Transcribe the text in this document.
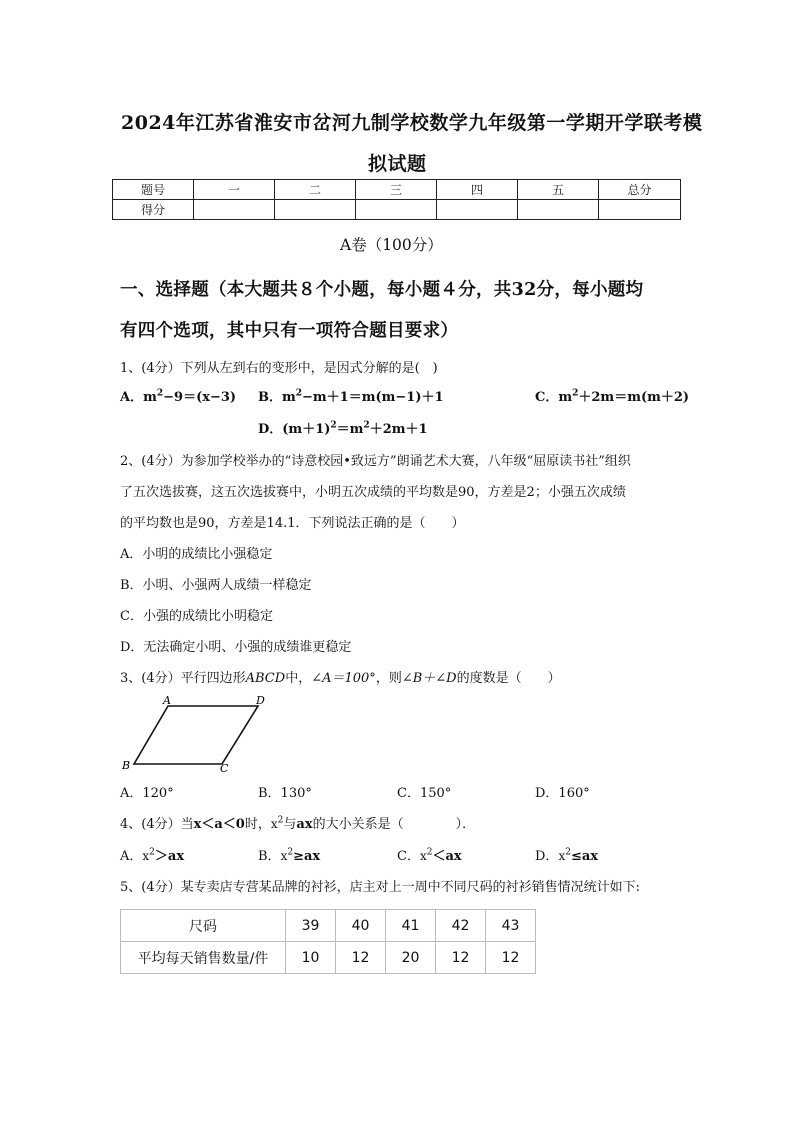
2024年江苏省淮安市岔河九制学校数学九年级第一学期开学联考模
拟试题
题号	一	二	三	四	五	总分
得分						
A卷（100分）
一、选择题（本大题共８个小题，每小题４分，共32分，每小题均
有四个选项，其中只有一项符合题目要求）
1、(4分）下列从左到右的变形中，是因式分解的是(　)
A．$m^2-9=(x-3)$ B．$m^2-m+1=m(m-1)+1$	C．$m^2+2m=m(m+2)$
D．$(m+1)^2=m^2+2m+1$
2、(4分）为参加学校举办的“诗意校园•致远方”朗诵艺术大赛，八年级“屈原读书社”组织
了五次选拔赛，这五次选拔赛中，小明五次成绩的平均数是90，方差是2；小强五次成绩
的平均数也是90，方差是14.1．下列说法正确的是（　　）
A．小明的成绩比小强稳定
B．小明、小强两人成绩一样稳定
C．小强的成绩比小明稳定
D．无法确定小明、小强的成绩谁更稳定
3、(4分）平行四边形ABCD中，∠A＝100°，则∠B＋∠D的度数是（　　）
A	D
B	C
A．120°	B．130°	C．150°	D．160°
4、(4分）当x＜a＜0时，$x^2$与ax的大小关系是（　　　　）．
A．$x^2>ax$	B．$x^2\ge ax$	C．$x^2<ax$	D．$x^2\le ax$
5、(4分）某专卖店专营某品牌的衬衫，店主对上一周中不同尺码的衬衫销售情况统计如下:
尺码	39	40	41	42	43
平均每天销售数量/件	10	12	20	12	12
